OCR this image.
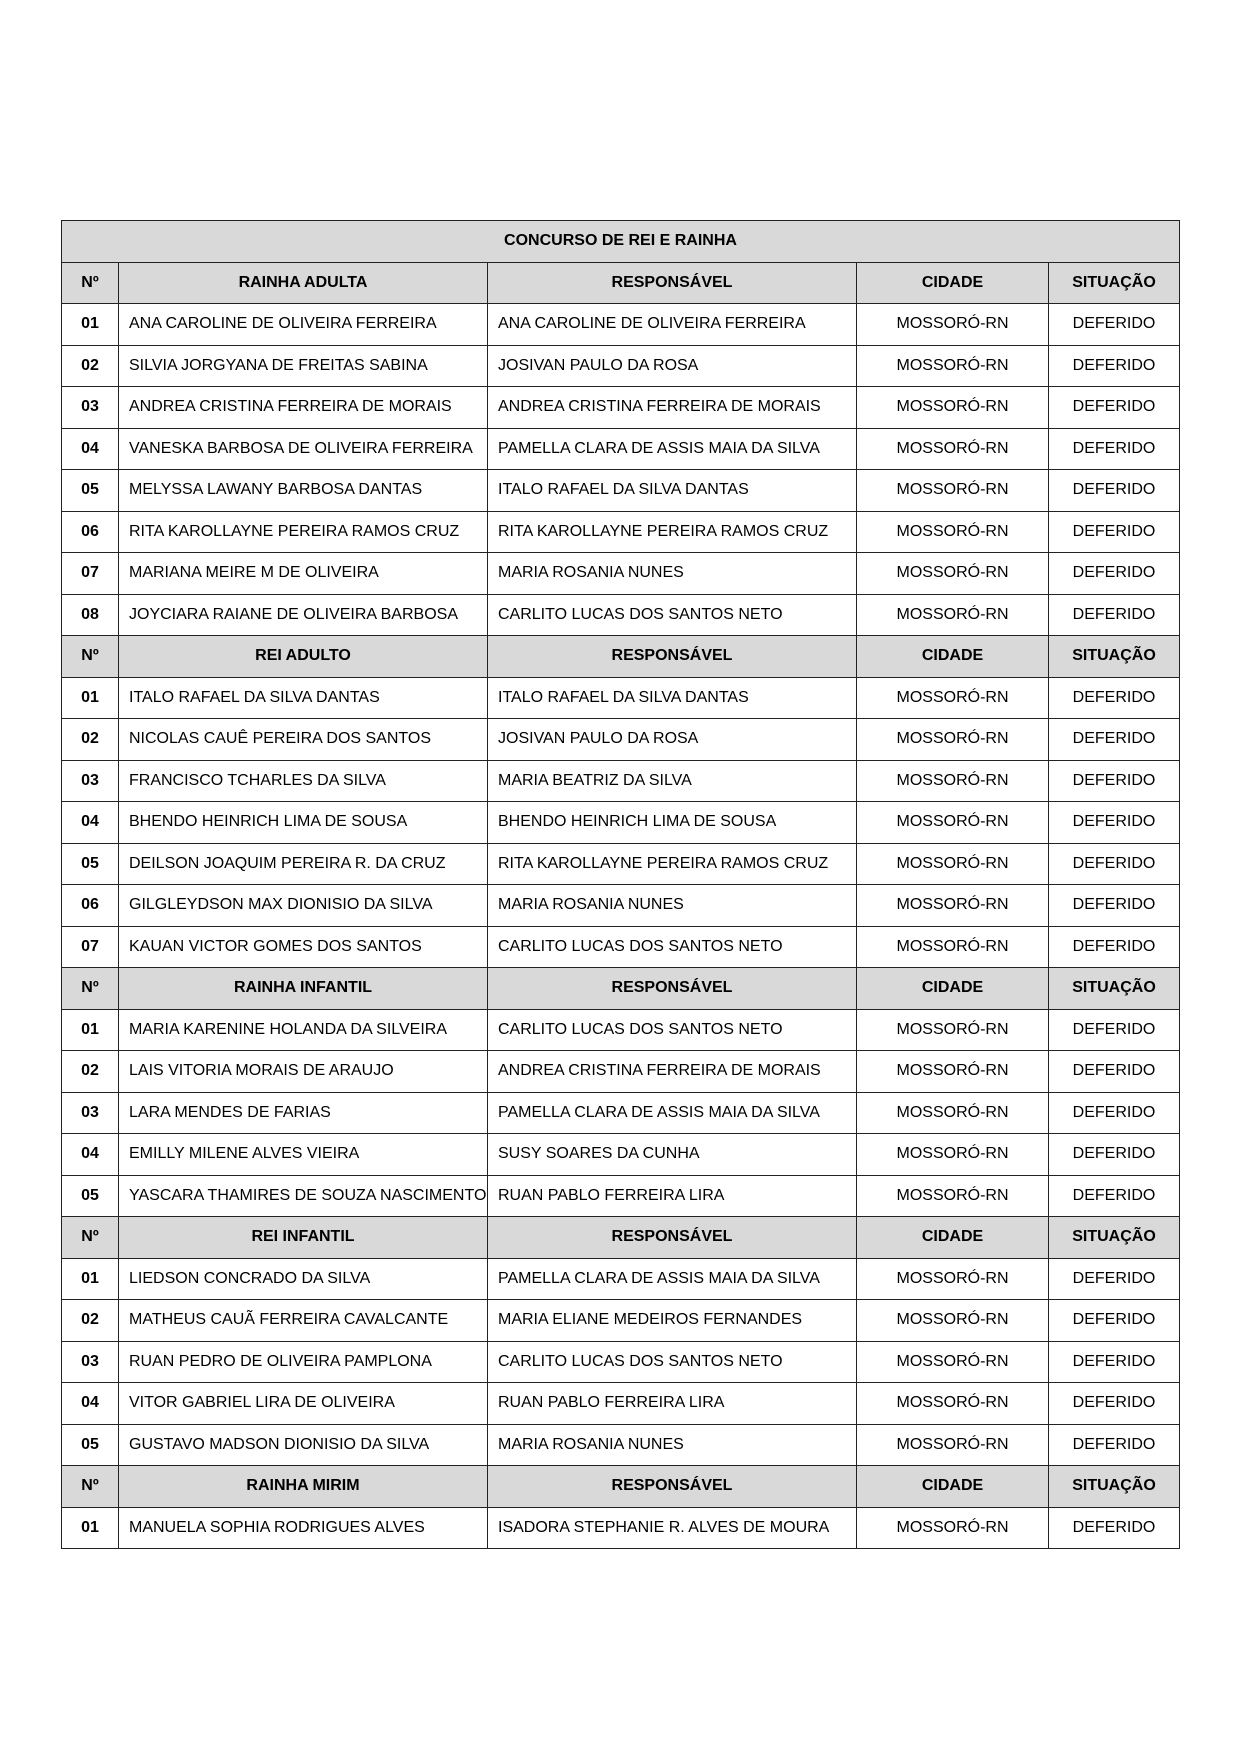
CONCURSO DE REI E RAINHA				
Nº	RAINHA ADULTA	RESPONSÁVEL	CIDADE	SITUAÇÃO
01	ANA CAROLINE DE OLIVEIRA FERREIRA	ANA CAROLINE DE OLIVEIRA FERREIRA	MOSSORÓ-RN	DEFERIDO
02	SILVIA JORGYANA DE FREITAS SABINA	JOSIVAN PAULO DA ROSA	MOSSORÓ-RN	DEFERIDO
03	ANDREA CRISTINA FERREIRA DE MORAIS	ANDREA CRISTINA FERREIRA DE MORAIS	MOSSORÓ-RN	DEFERIDO
04	VANESKA BARBOSA DE OLIVEIRA FERREIRA	PAMELLA CLARA DE ASSIS MAIA DA SILVA	MOSSORÓ-RN	DEFERIDO
05	MELYSSA LAWANY BARBOSA DANTAS	ITALO RAFAEL DA SILVA DANTAS	MOSSORÓ-RN	DEFERIDO
06	RITA KAROLLAYNE PEREIRA RAMOS CRUZ	RITA KAROLLAYNE PEREIRA RAMOS CRUZ	MOSSORÓ-RN	DEFERIDO
07	MARIANA MEIRE M DE OLIVEIRA	MARIA ROSANIA NUNES	MOSSORÓ-RN	DEFERIDO
08	JOYCIARA RAIANE DE OLIVEIRA BARBOSA	CARLITO LUCAS DOS SANTOS NETO	MOSSORÓ-RN	DEFERIDO
Nº	REI ADULTO	RESPONSÁVEL	CIDADE	SITUAÇÃO
01	ITALO RAFAEL DA SILVA DANTAS	ITALO RAFAEL DA SILVA DANTAS	MOSSORÓ-RN	DEFERIDO
02	NICOLAS CAUÊ PEREIRA DOS SANTOS	JOSIVAN PAULO DA ROSA	MOSSORÓ-RN	DEFERIDO
03	FRANCISCO TCHARLES DA SILVA	MARIA BEATRIZ DA SILVA	MOSSORÓ-RN	DEFERIDO
04	BHENDO HEINRICH LIMA DE SOUSA	BHENDO HEINRICH LIMA DE SOUSA	MOSSORÓ-RN	DEFERIDO
05	DEILSON JOAQUIM PEREIRA R. DA CRUZ	RITA KAROLLAYNE PEREIRA RAMOS CRUZ	MOSSORÓ-RN	DEFERIDO
06	GILGLEYDSON MAX DIONISIO DA SILVA	MARIA ROSANIA NUNES	MOSSORÓ-RN	DEFERIDO
07	KAUAN VICTOR GOMES DOS SANTOS	CARLITO LUCAS DOS SANTOS NETO	MOSSORÓ-RN	DEFERIDO
Nº	RAINHA INFANTIL	RESPONSÁVEL	CIDADE	SITUAÇÃO
01	MARIA KARENINE HOLANDA DA SILVEIRA	CARLITO LUCAS DOS SANTOS NETO	MOSSORÓ-RN	DEFERIDO
02	LAIS VITORIA MORAIS DE ARAUJO	ANDREA CRISTINA FERREIRA DE MORAIS	MOSSORÓ-RN	DEFERIDO
03	LARA MENDES DE FARIAS	PAMELLA CLARA DE ASSIS MAIA DA SILVA	MOSSORÓ-RN	DEFERIDO
04	EMILLY MILENE ALVES VIEIRA	SUSY SOARES DA CUNHA	MOSSORÓ-RN	DEFERIDO
05	YASCARA THAMIRES DE SOUZA NASCIMENTO	RUAN PABLO FERREIRA LIRA	MOSSORÓ-RN	DEFERIDO
Nº	REI INFANTIL	RESPONSÁVEL	CIDADE	SITUAÇÃO
01	LIEDSON CONCRADO DA SILVA	PAMELLA CLARA DE ASSIS MAIA DA SILVA	MOSSORÓ-RN	DEFERIDO
02	MATHEUS CAUÃ FERREIRA CAVALCANTE	MARIA ELIANE MEDEIROS FERNANDES	MOSSORÓ-RN	DEFERIDO
03	RUAN PEDRO DE OLIVEIRA PAMPLONA	CARLITO LUCAS DOS SANTOS NETO	MOSSORÓ-RN	DEFERIDO
04	VITOR GABRIEL LIRA DE OLIVEIRA	RUAN PABLO FERREIRA LIRA	MOSSORÓ-RN	DEFERIDO
05	GUSTAVO MADSON DIONISIO DA SILVA	MARIA ROSANIA NUNES	MOSSORÓ-RN	DEFERIDO
Nº	RAINHA MIRIM	RESPONSÁVEL	CIDADE	SITUAÇÃO
01	MANUELA SOPHIA RODRIGUES ALVES	ISADORA STEPHANIE R. ALVES DE MOURA	MOSSORÓ-RN	DEFERIDO
